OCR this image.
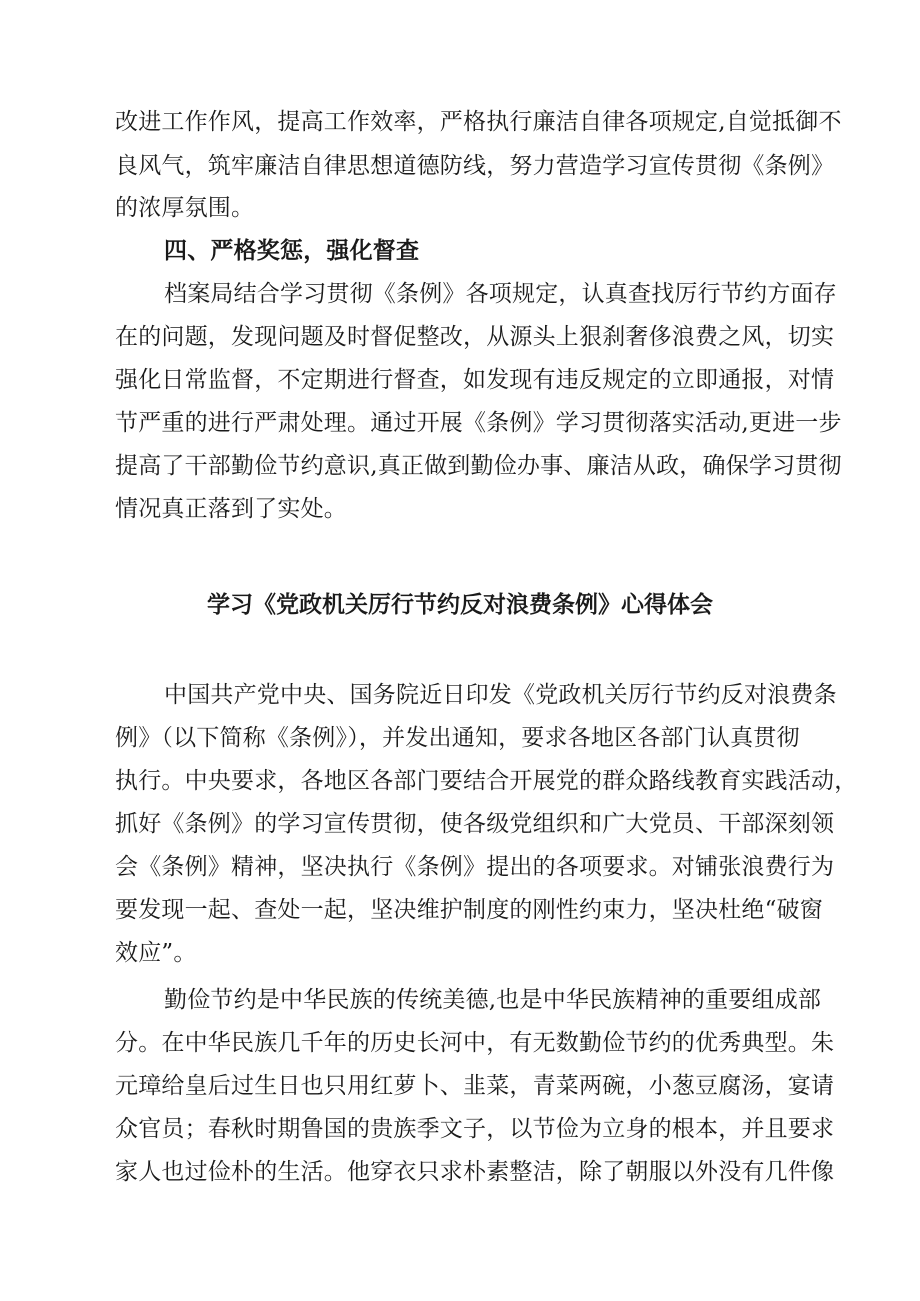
改进工作作风，提高工作效率，严格执行廉洁自律各项规定,自觉抵御不
良风气，筑牢廉洁自律思想道德防线，努力营造学习宣传贯彻《条例》
的浓厚氛围。
四、严格奖惩，强化督查
档案局结合学习贯彻《条例》各项规定，认真查找厉行节约方面存
在的问题，发现问题及时督促整改，从源头上狠刹奢侈浪费之风，切实
强化日常监督，不定期进行督查，如发现有违反规定的立即通报，对情
节严重的进行严肃处理。通过开展《条例》学习贯彻落实活动,更进一步
提高了干部勤俭节约意识,真正做到勤俭办事、廉洁从政，确保学习贯彻
情况真正落到了实处。
学习《党政机关厉行节约反对浪费条例》心得体会
中国共产党中央、国务院近日印发《党政机关厉行节约反对浪费条
例》（以下简称《条例》），并发出通知，要求各地区各部门认真贯彻
执行。中央要求，各地区各部门要结合开展党的群众路线教育实践活动，
抓好《条例》的学习宣传贯彻，使各级党组织和广大党员、干部深刻领
会《条例》精神，坚决执行《条例》提出的各项要求。对铺张浪费行为
要发现一起、查处一起，坚决维护制度的刚性约束力，坚决杜绝“破窗
效应”。
勤俭节约是中华民族的传统美德,也是中华民族精神的重要组成部
分。在中华民族几千年的历史长河中，有无数勤俭节约的优秀典型。朱
元璋给皇后过生日也只用红萝卜、韭菜，青菜两碗，小葱豆腐汤，宴请
众官员；春秋时期鲁国的贵族季文子，以节俭为立身的根本，并且要求
家人也过俭朴的生活。他穿衣只求朴素整洁，除了朝服以外没有几件像
